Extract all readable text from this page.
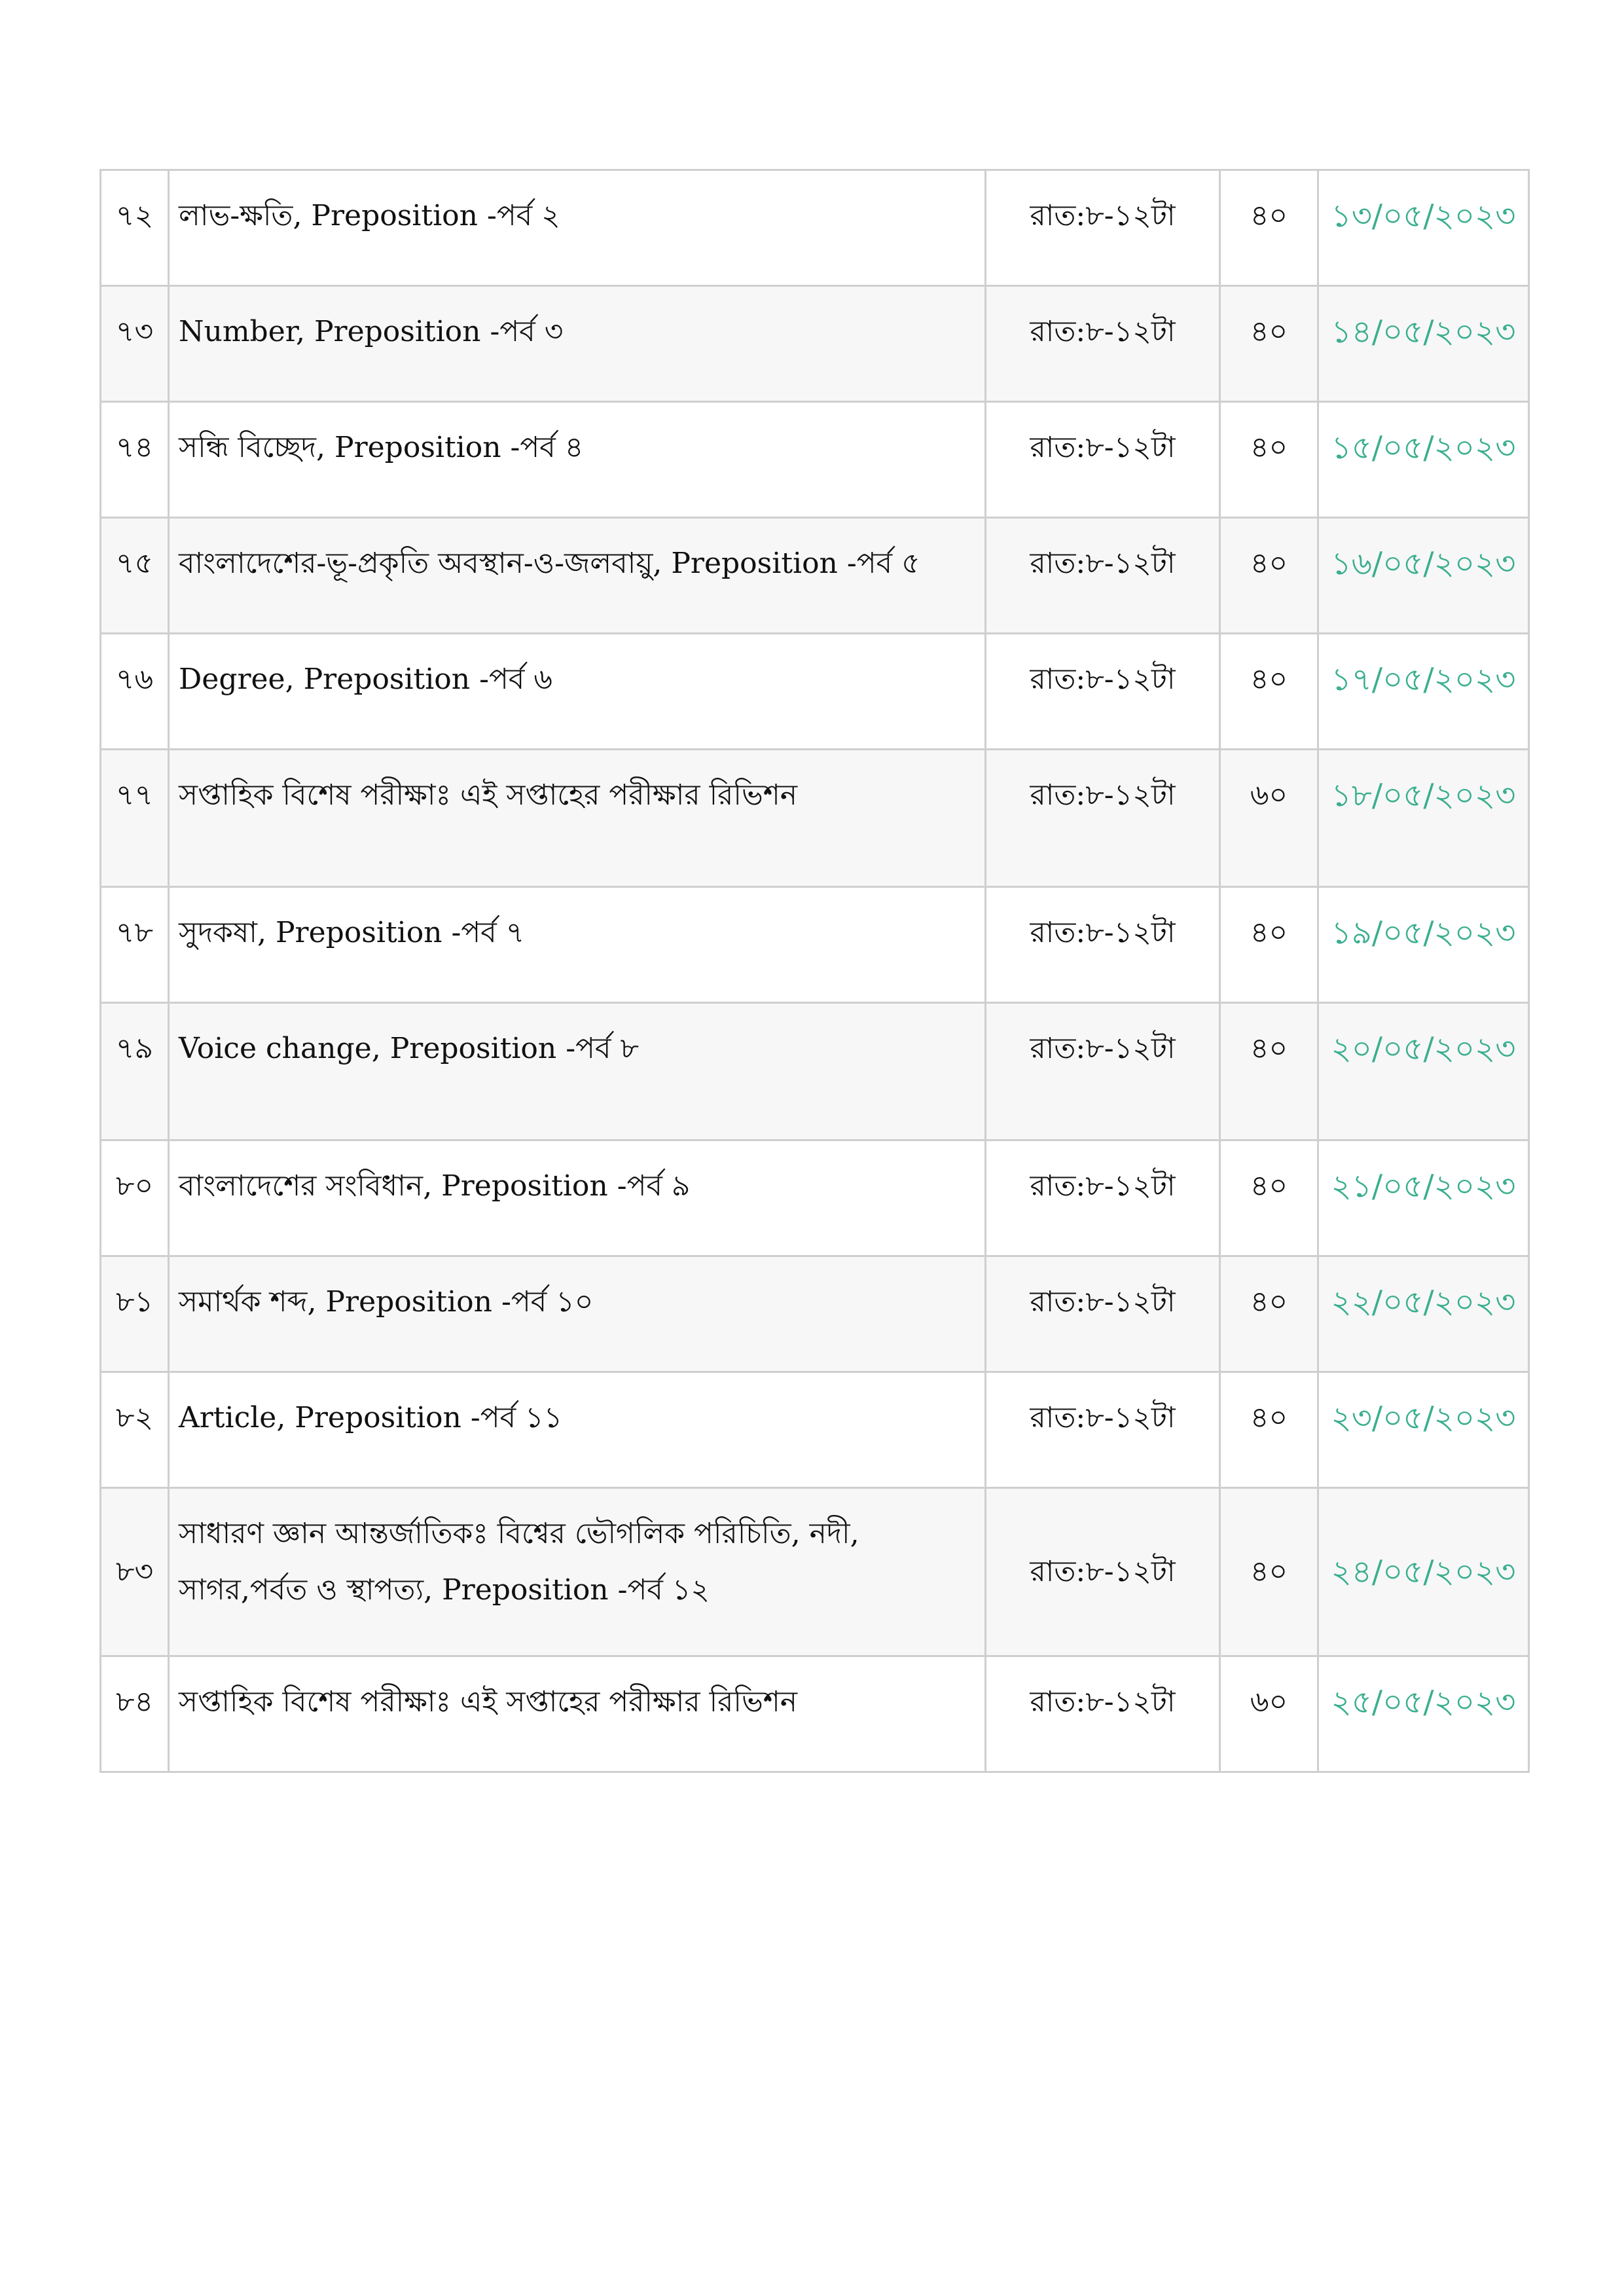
৭২	লাভ-ক্ষতি, Preposition -পর্ব ২	রাত:৮-১২টা	৪০	১৩/০৫/২০২৩
৭৩	Number, Preposition -পর্ব ৩	রাত:৮-১২টা	৪০	১৪/০৫/২০২৩
৭৪	সন্ধি বিচ্ছেদ, Preposition -পর্ব ৪	রাত:৮-১২টা	৪০	১৫/০৫/২০২৩
৭৫	বাংলাদেশের-ভূ-প্রকৃতি অবস্থান-ও-জলবায়ু, Preposition -পর্ব ৫	রাত:৮-১২টা	৪০	১৬/০৫/২০২৩
৭৬	Degree, Preposition -পর্ব ৬	রাত:৮-১২টা	৪০	১৭/০৫/২০২৩
৭৭	সপ্তাহিক বিশেষ পরীক্ষাঃ এই সপ্তাহের পরীক্ষার রিভিশন	রাত:৮-১২টা	৬০	১৮/০৫/২০২৩
৭৮	সুদকষা, Preposition -পর্ব ৭	রাত:৮-১২টা	৪০	১৯/০৫/২০২৩
৭৯	Voice change, Preposition -পর্ব ৮	রাত:৮-১২টা	৪০	২০/০৫/২০২৩
৮০	বাংলাদেশের সংবিধান, Preposition -পর্ব ৯	রাত:৮-১২টা	৪০	২১/০৫/২০২৩
৮১	সমার্থক শব্দ, Preposition -পর্ব ১০	রাত:৮-১২টা	৪০	২২/০৫/২০২৩
৮২	Article, Preposition -পর্ব ১১	রাত:৮-১২টা	৪০	২৩/০৫/২০২৩
৮৩	সাধারণ জ্ঞান আন্তর্জাতিকঃ বিশ্বের ভৌগলিক পরিচিতি, নদী,
সাগর,পর্বত ও স্থাপত্য, Preposition -পর্ব ১২	রাত:৮-১২টা	৪০	২৪/০৫/২০২৩
৮৪	সপ্তাহিক বিশেষ পরীক্ষাঃ এই সপ্তাহের পরীক্ষার রিভিশন	রাত:৮-১২টা	৬০	২৫/০৫/২০২৩
